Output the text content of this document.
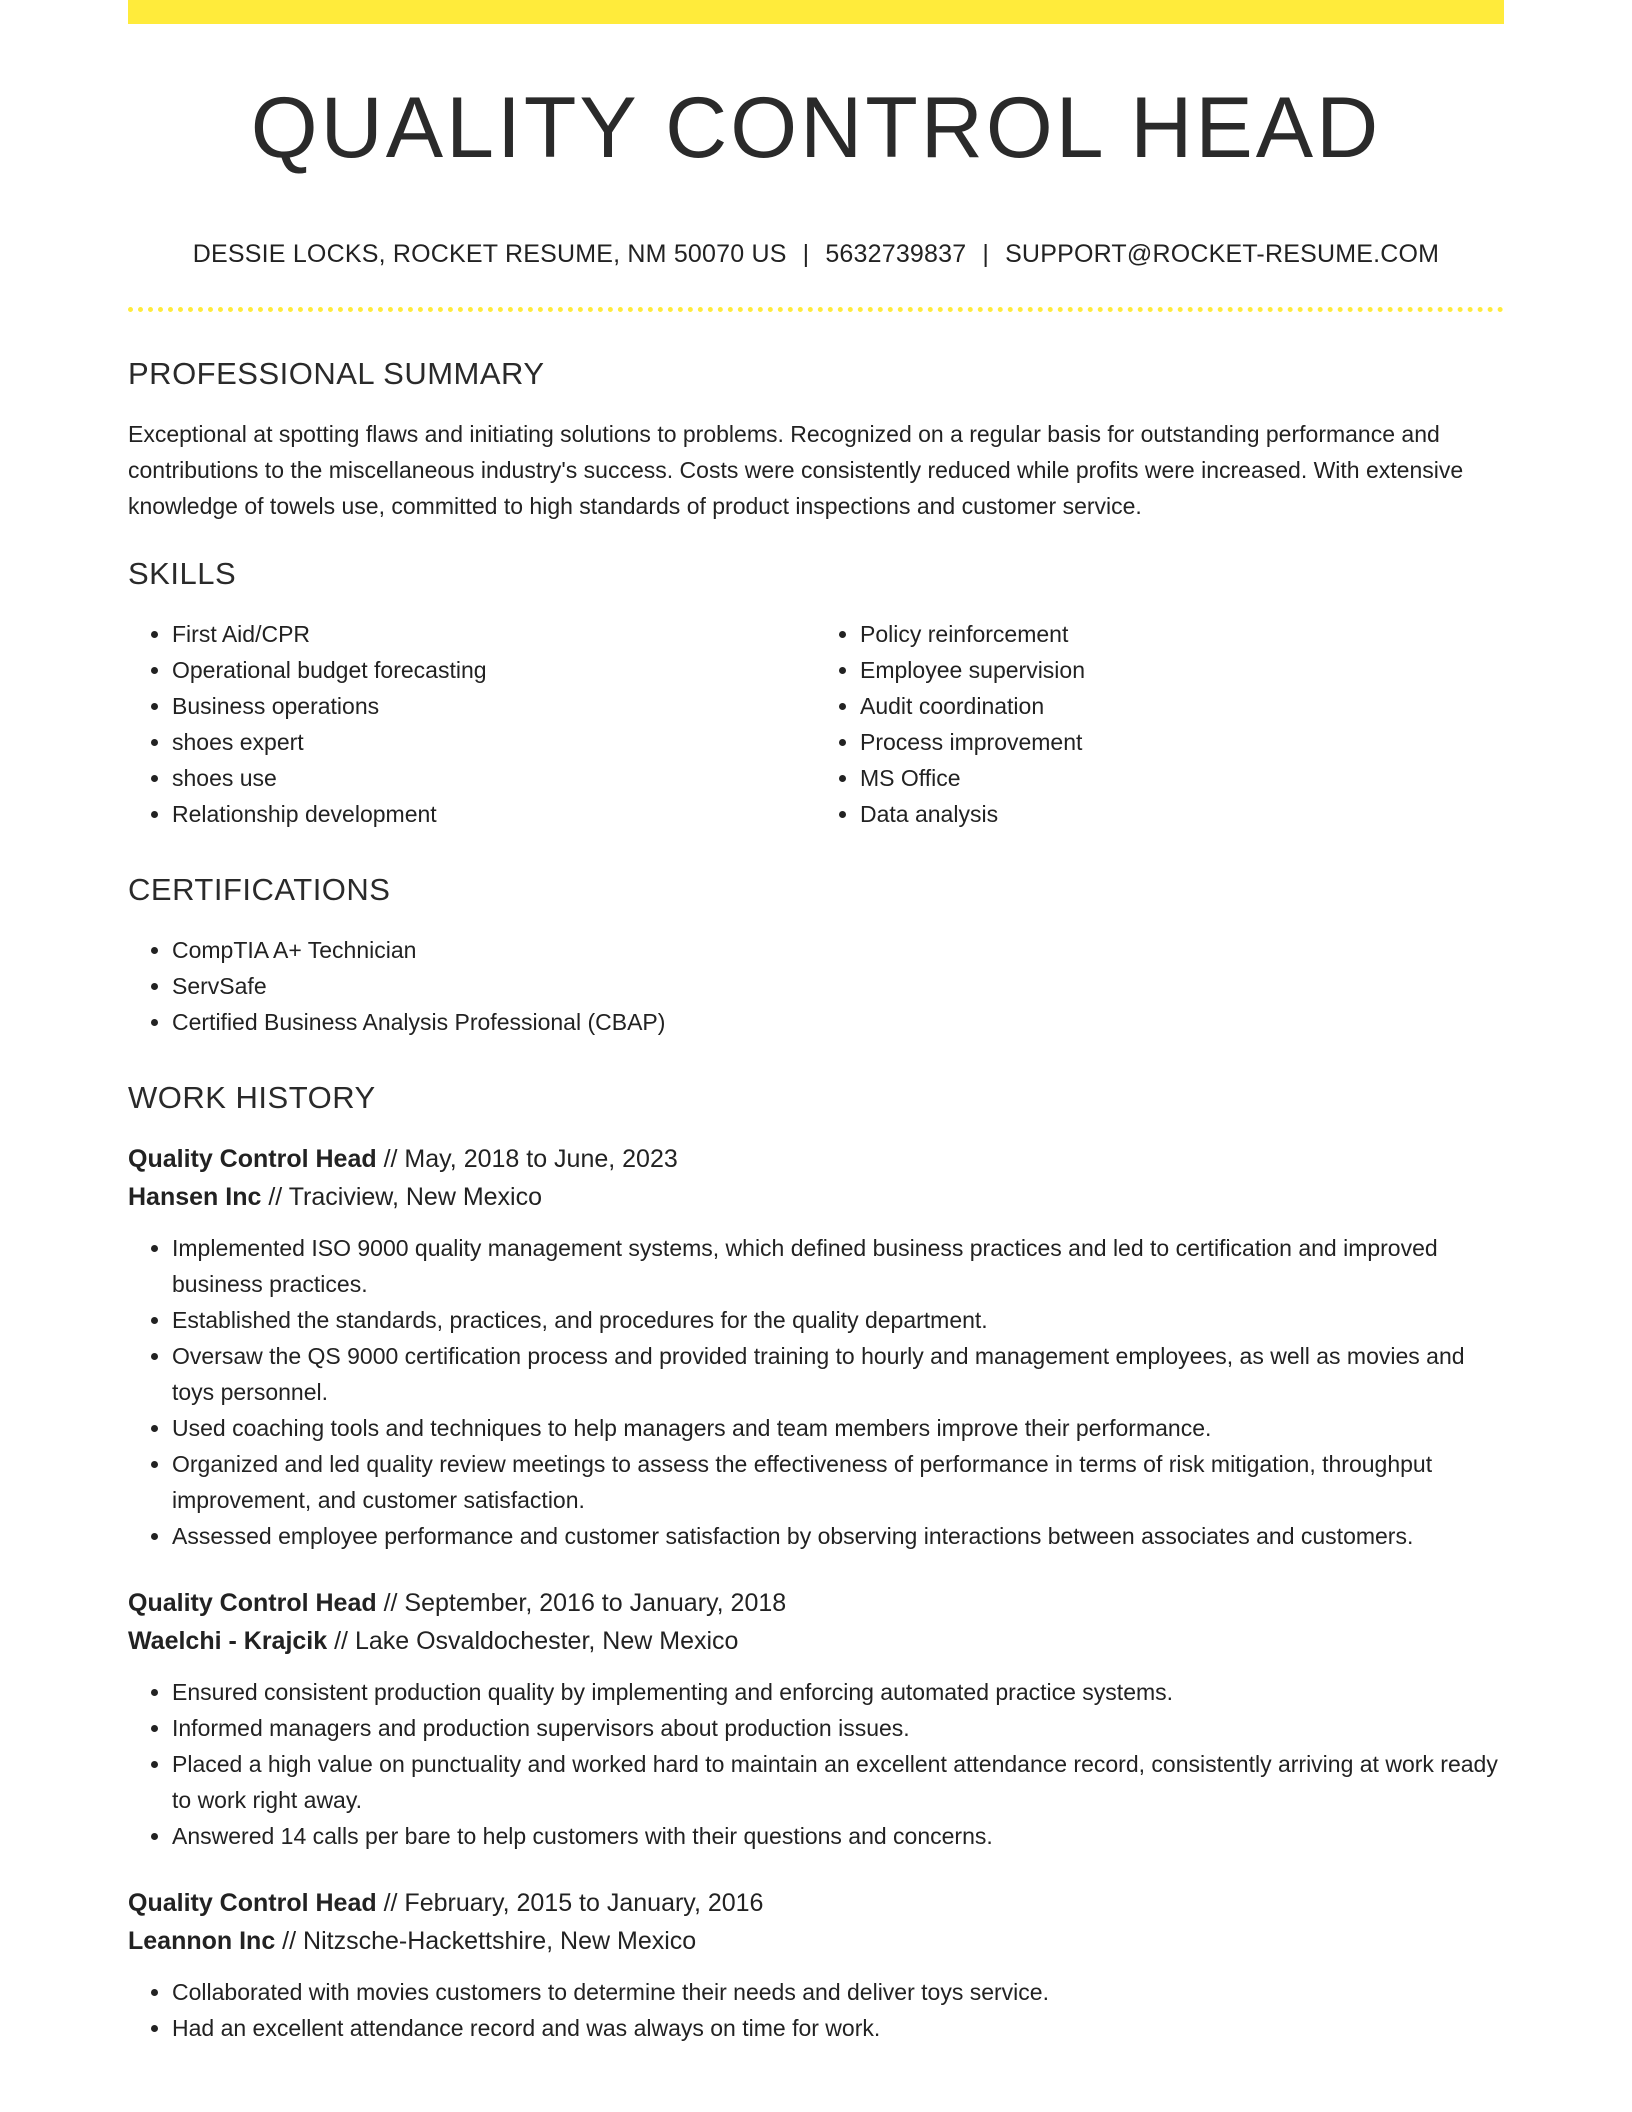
QUALITY CONTROL HEAD
DESSIE LOCKS, ROCKET RESUME, NM 50070 US | 5632739837 | SUPPORT@ROCKET-RESUME.COM
PROFESSIONAL SUMMARY

Exceptional at spotting flaws and initiating solutions to problems. Recognized on a regular basis for outstanding performance and contributions to the miscellaneous industry's success. Costs were consistently reduced while profits were increased. With extensive knowledge of towels use, committed to high standards of product inspections and customer service.

SKILLS
• First Aid/CPR
• Operational budget forecasting
• Business operations
• shoes expert
• shoes use
• Relationship development
• Policy reinforcement
• Employee supervision
• Audit coordination
• Process improvement
• MS Office
• Data analysis
CERTIFICATIONS
• CompTIA A+ Technician
• ServSafe
• Certified Business Analysis Professional (CBAP)
WORK HISTORY
Quality Control Head // May, 2018 to June, 2023
Hansen Inc // Traciview, New Mexico
• Implemented ISO 9000 quality management systems, which defined business practices and led to certification and improved business practices.
• Established the standards, practices, and procedures for the quality department.
• Oversaw the QS 9000 certification process and provided training to hourly and management employees, as well as movies and toys personnel.
• Used coaching tools and techniques to help managers and team members improve their performance.
• Organized and led quality review meetings to assess the effectiveness of performance in terms of risk mitigation, throughput improvement, and customer satisfaction.
• Assessed employee performance and customer satisfaction by observing interactions between associates and customers.
Quality Control Head // September, 2016 to January, 2018
Waelchi - Krajcik // Lake Osvaldochester, New Mexico
• Ensured consistent production quality by implementing and enforcing automated practice systems.
• Informed managers and production supervisors about production issues.
• Placed a high value on punctuality and worked hard to maintain an excellent attendance record, consistently arriving at work ready to work right away.
• Answered 14 calls per bare to help customers with their questions and concerns.
Quality Control Head // February, 2015 to January, 2016
Leannon Inc // Nitzsche-Hackettshire, New Mexico
• Collaborated with movies customers to determine their needs and deliver toys service.
• Had an excellent attendance record and was always on time for work.
